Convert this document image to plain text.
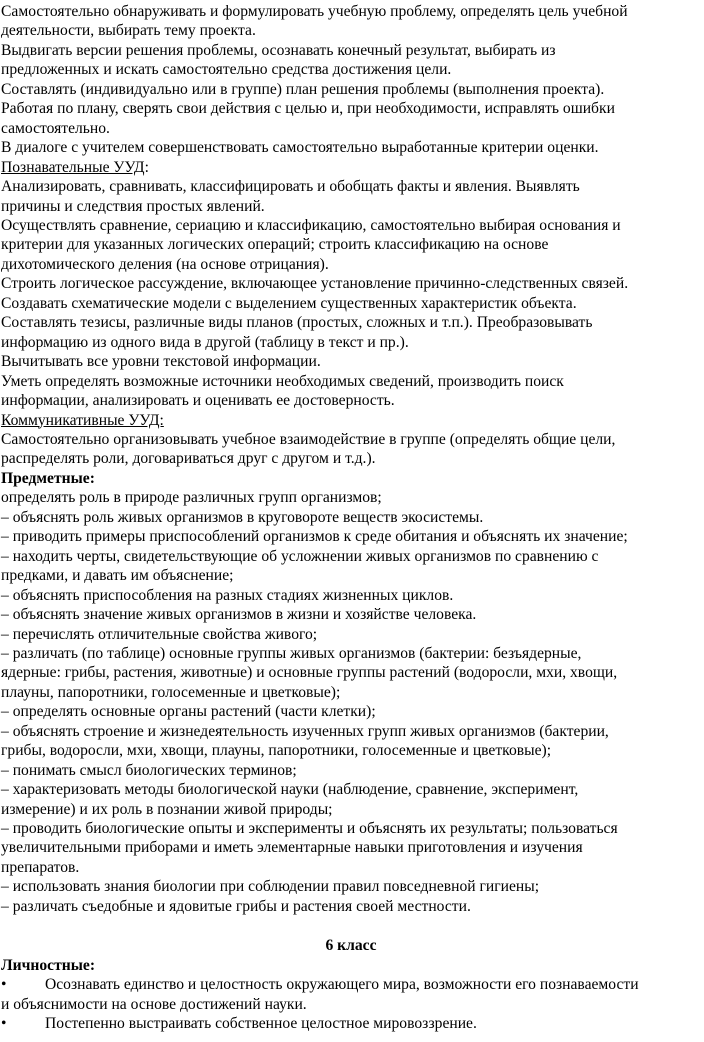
Самостоятельно обнаруживать и формулировать учебную проблему, определять цель учебной
деятельности, выбирать тему проекта.
Выдвигать версии решения проблемы, осознавать конечный результат, выбирать из
предложенных и искать самостоятельно средства достижения цели.
Составлять (индивидуально или в группе) план решения проблемы (выполнения проекта).
Работая по плану, сверять свои действия с целью и, при необходимости, исправлять ошибки
самостоятельно.
В диалоге с учителем совершенствовать самостоятельно выработанные критерии оценки.
Познавательные УУД:
Анализировать, сравнивать, классифицировать и обобщать факты и явления. Выявлять
причины и следствия простых явлений.
Осуществлять сравнение, сериацию и классификацию, самостоятельно выбирая основания и
критерии для указанных логических операций; строить классификацию на основе
дихотомического деления (на основе отрицания).
Строить логическое рассуждение, включающее установление причинно-следственных связей.
Создавать схематические модели с выделением существенных характеристик объекта.
Составлять тезисы, различные виды планов (простых, сложных и т.п.). Преобразовывать
информацию из одного вида в другой (таблицу в текст и пр.).
Вычитывать все уровни текстовой информации.
Уметь определять возможные источники необходимых сведений, производить поиск
информации, анализировать и оценивать ее достоверность.
Коммуникативные УУД:
Самостоятельно организовывать учебное взаимодействие в группе (определять общие цели,
распределять роли, договариваться друг с другом и т.д.).
Предметные:
определять роль в природе различных групп организмов;
– объяснять роль живых организмов в круговороте веществ экосистемы.
– приводить примеры приспособлений организмов к среде обитания и объяснять их значение;
– находить черты, свидетельствующие об усложнении живых организмов по сравнению с
предками, и давать им объяснение;
– объяснять приспособления на разных стадиях жизненных циклов.
– объяснять значение живых организмов в жизни и хозяйстве человека.
– перечислять отличительные свойства живого;
– различать (по таблице) основные группы живых организмов (бактерии: безъядерные,
ядерные: грибы, растения, животные) и основные группы растений (водоросли, мхи, хвощи,
плауны, папоротники, голосеменные и цветковые);
– определять основные органы растений (части клетки);
– объяснять строение и жизнедеятельность изученных групп живых организмов (бактерии,
грибы, водоросли, мхи, хвощи, плауны, папоротники, голосеменные и цветковые);
– понимать смысл биологических терминов;
– характеризовать методы биологической науки (наблюдение, сравнение, эксперимент,
измерение) и их роль в познании живой природы;
– проводить биологические опыты и эксперименты и объяснять их результаты; пользоваться
увеличительными приборами и иметь элементарные навыки приготовления и изучения
препаратов.
– использовать знания биологии при соблюдении правил повседневной гигиены;
– различать съедобные и ядовитые грибы и растения своей местности.
6 класс
Личностные:
•	Осознавать единство и целостность окружающего мира, возможности его познаваемости
и объяснимости на основе достижений науки.
•	Постепенно выстраивать собственное целостное мировоззрение.
